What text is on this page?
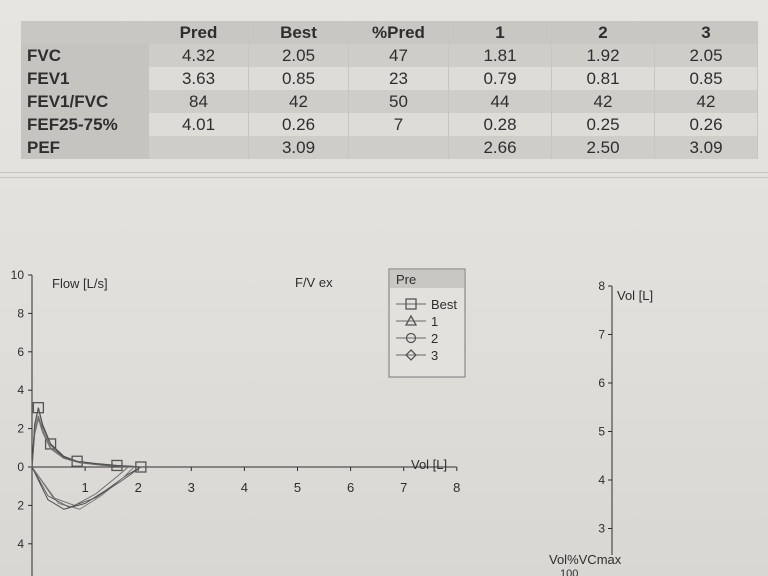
	Pred	Best	%Pred	1	2	3
FVC	4.32	2.05	47	1.81	1.92	2.05
FEV1	3.63	0.85	23	0.79	0.81	0.85
FEV1/FVC	84	42	50	44	42	42
FEF25-75%	4.01	0.26	7	0.28	0.25	0.26
PEF		3.09		2.66	2.50	3.09
Flow [L/s]	F/V ex
Vol [L]
10
8
6
4
2
0
2
4
1	2	3	4	5	6	7	8
Pre
Best
1
2
3
Vol [L]
Vol%VCmax
100
8
7
6
5
4
3
